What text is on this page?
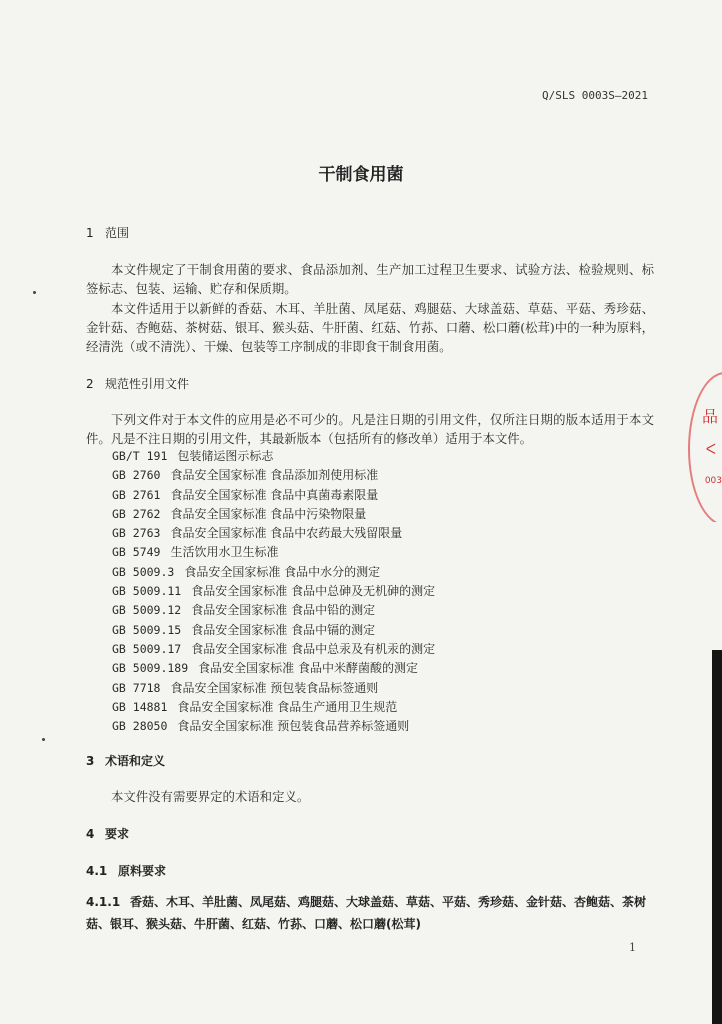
品
ᐸ
003
Q/SLS 0003S—2021
干制食用菌
1 范围

本文件规定了干制食用菌的要求、食品添加剂、生产加工过程卫生要求、试验方法、检验规则、标签标志、包装、运输、贮存和保质期。

本文件适用于以新鲜的香菇、木耳、羊肚菌、凤尾菇、鸡腿菇、大球盖菇、草菇、平菇、秀珍菇、金针菇、杏鲍菇、茶树菇、银耳、猴头菇、牛肝菌、红菇、竹荪、口蘑、松口蘑(松茸)中的一种为原料，经清洗（或不清洗）、干燥、包装等工序制成的非即食干制食用菌。

2 规范性引用文件

下列文件对于本文件的应用是必不可少的。凡是注日期的引用文件，仅所注日期的版本适用于本文件。凡是不注日期的引用文件，其最新版本（包括所有的修改单）适用于本文件。

GB/T 191 包装储运图示标志
GB 2760 食品安全国家标准 食品添加剂使用标准
GB 2761 食品安全国家标准 食品中真菌毒素限量
GB 2762 食品安全国家标准 食品中污染物限量
GB 2763 食品安全国家标准 食品中农药最大残留限量
GB 5749 生活饮用水卫生标准
GB 5009.3 食品安全国家标准 食品中水分的测定
GB 5009.11 食品安全国家标准 食品中总砷及无机砷的测定
GB 5009.12 食品安全国家标准 食品中铅的测定
GB 5009.15 食品安全国家标准 食品中镉的测定
GB 5009.17 食品安全国家标准 食品中总汞及有机汞的测定
GB 5009.189 食品安全国家标准 食品中米酵菌酸的测定
GB 7718 食品安全国家标准 预包装食品标签通则
GB 14881 食品安全国家标准 食品生产通用卫生规范
GB 28050 食品安全国家标准 预包装食品营养标签通则
3 术语和定义

本文件没有需要界定的术语和定义。

4 要求
4.1 原料要求
4.1.1 香菇、木耳、羊肚菌、凤尾菇、鸡腿菇、大球盖菇、草菇、平菇、秀珍菇、金针菇、杏鲍菇、茶树菇、银耳、猴头菇、牛肝菌、红菇、竹荪、口蘑、松口蘑(松茸)
1
